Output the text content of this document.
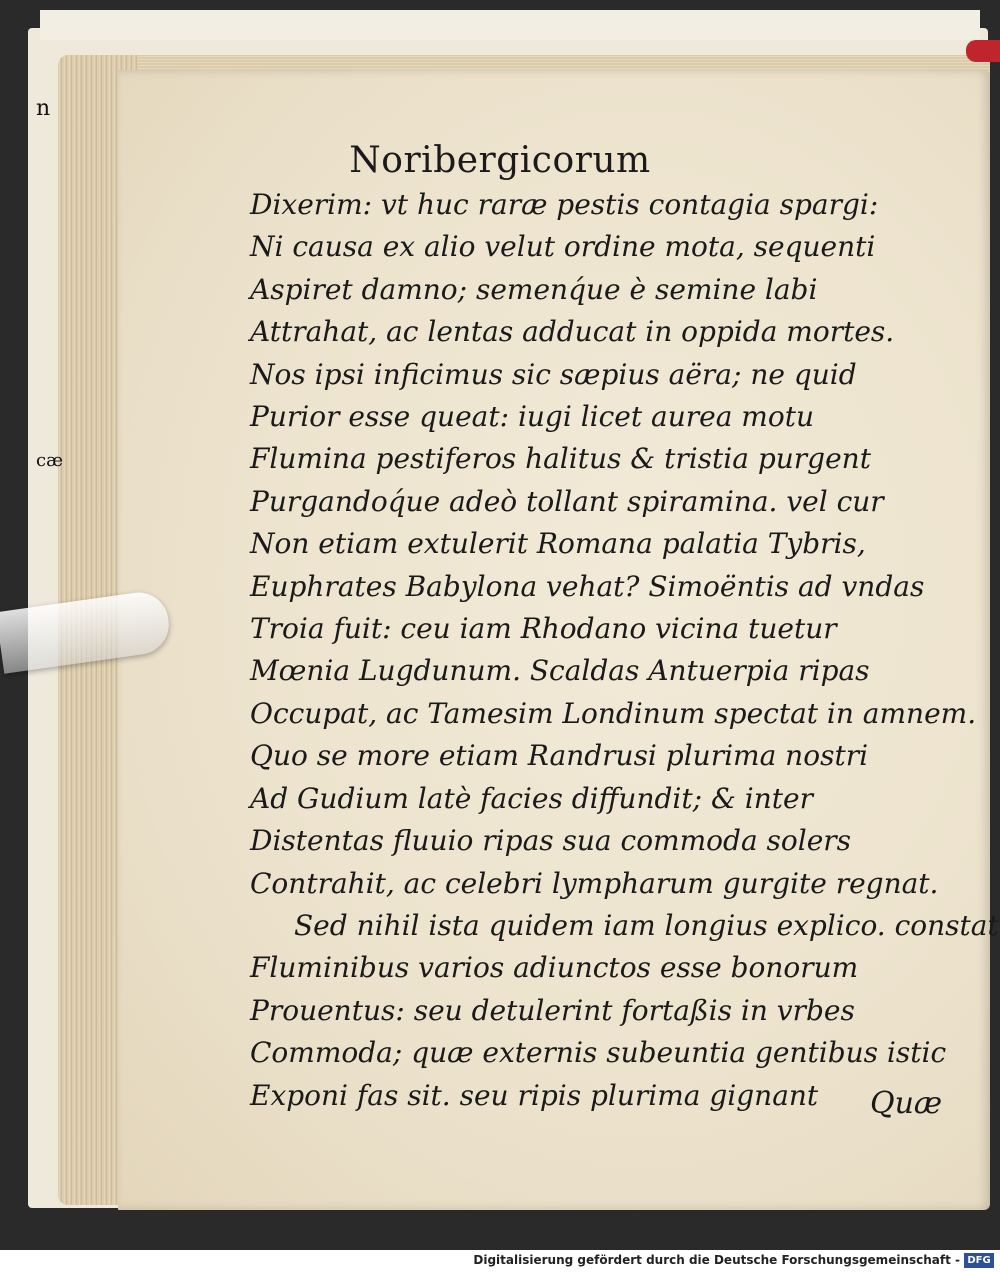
n
cæ
Noribergicorum
Dixerim: vt huc raræ pestis contagia spargi:
Ni causa ex alio velut ordine mota, sequenti
Aspiret damno; semenq́ue è semine labi
Attrahat, ac lentas adducat in oppida mortes.
Nos ipsi inficimus sic sæpius aëra; ne quid
Purior esse queat: iugi licet aurea motu
Flumina pestiferos halitus & tristia purgent
Purgandoq́ue adeò tollant spiramina. vel cur
Non etiam extulerit Romana palatia Tybris,
Euphrates Babylona vehat? Simoëntis ad vndas
Troia fuit: ceu iam Rhodano vicina tuetur
Mœnia Lugdunum. Scaldas Antuerpia ripas
Occupat, ac Tamesim Londinum spectat in amnem.
Quo se more etiam Randrusi plurima nostri
Ad Gudium latè facies diffundit; & inter
Distentas fluuio ripas sua commoda solers
Contrahit, ac celebri lympharum gurgite regnat.
Sed nihil ista quidem iam longius explico. constat
Fluminibus varios adiunctos esse bonorum
Prouentus: seu detulerint fortaßis in vrbes
Commoda; quæ externis subeuntia gentibus istic
Exponi fas sit. seu ripis plurima gignant	Quæ
Digitalisierung gefördert durch die Deutsche Forschungsgemeinschaft - DFG
